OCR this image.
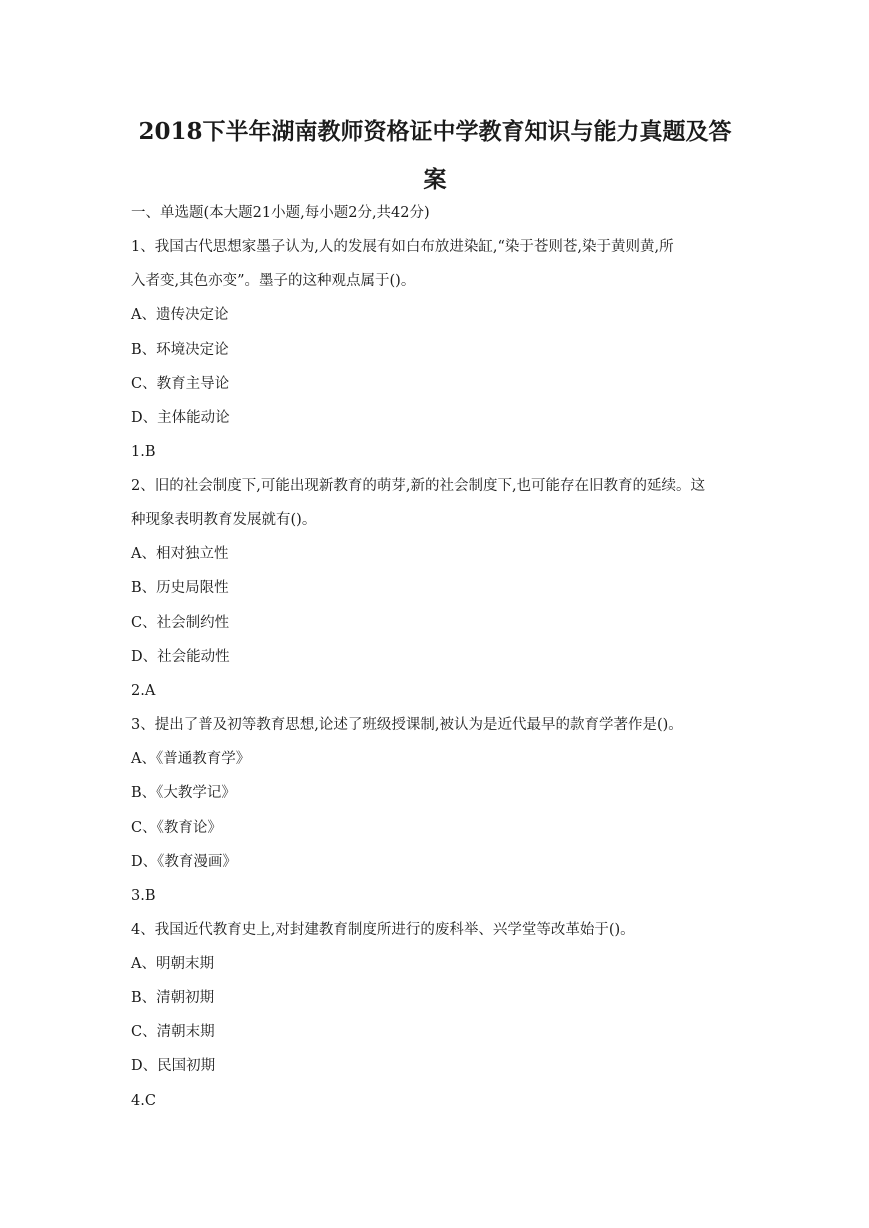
2018下半年湖南教师资格证中学教育知识与能力真题及答
案
一、单选题(本大题21小题,每小题2分,共42分)
1、我国古代思想家墨子认为,人的发展有如白布放进染缸,“染于苍则苍,染于黄则黄,所
入者变,其色亦变”。墨子的这种观点属于()。
A、遗传决定论
B、环境决定论
C、教育主导论
D、主体能动论
1.B
2、旧的社会制度下,可能出现新教育的萌芽,新的社会制度下,也可能存在旧教育的延续。这
种现象表明教育发展就有()。
A、相对独立性
B、历史局限性
C、社会制约性
D、社会能动性
2.A
3、提出了普及初等教育思想,论述了班级授课制,被认为是近代最早的款育学著作是()。
A、《普通教育学》
B、《大教学记》
C、《教育论》
D、《教育漫画》
3.B
4、我国近代教育史上,对封建教育制度所进行的废科举、兴学堂等改革始于()。
A、明朝末期
B、清朝初期
C、清朝末期
D、民国初期
4.C
